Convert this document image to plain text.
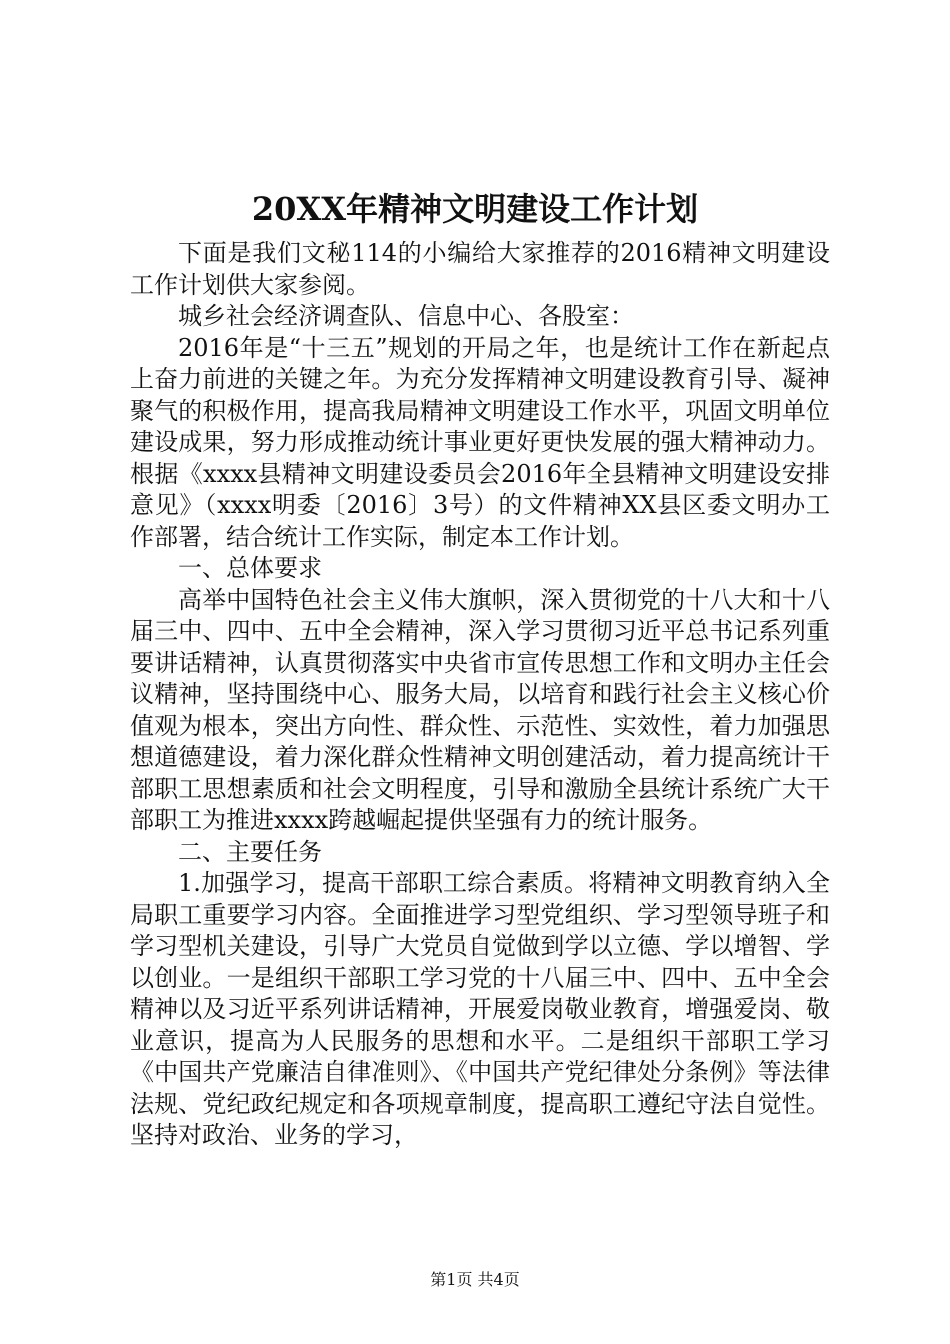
20XX年精神文明建设工作计划

下面是我们文秘114的小编给大家推荐的2016精神文明建设工作计划供大家参阅。

城乡社会经济调查队、信息中心、各股室：

2016年是“十三五”规划的开局之年，也是统计工作在新起点上奋力前进的关键之年。为充分发挥精神文明建设教育引导、凝神聚气的积极作用，提高我局精神文明建设工作水平，巩固文明单位建设成果，努力形成推动统计事业更好更快发展的强大精神动力。根据《xxxx县精神文明建设委员会2016年全县精神文明建设安排意见》（xxxx明委〔2016〕3号）的文件精神XX县区委文明办工作部署，结合统计工作实际，制定本工作计划。

一、总体要求

高举中国特色社会主义伟大旗帜，深入贯彻党的十八大和十八届三中、四中、五中全会精神，深入学习贯彻习近平总书记系列重要讲话精神，认真贯彻落实中央省市宣传思想工作和文明办主任会议精神，坚持围绕中心、服务大局，以培育和践行社会主义核心价值观为根本，突出方向性、群众性、示范性、实效性，着力加强思想道德建设，着力深化群众性精神文明创建活动，着力提高统计干部职工思想素质和社会文明程度，引导和激励全县统计系统广大干部职工为推进xxxx跨越崛起提供坚强有力的统计服务。

二、主要任务

1.加强学习，提高干部职工综合素质。将精神文明教育纳入全局职工重要学习内容。全面推进学习型党组织、学习型领导班子和学习型机关建设，引导广大党员自觉做到学以立德、学以增智、学以创业。一是组织干部职工学习党的十八届三中、四中、五中全会精神以及习近平系列讲话精神，开展爱岗敬业教育，增强爱岗、敬业意识，提高为人民服务的思想和水平。二是组织干部职工学习《中国共产党廉洁自律准则》、《中国共产党纪律处分条例》等法律法规、党纪政纪规定和各项规章制度，提高职工遵纪守法自觉性。坚持对政治、业务的学习，

第1页 共4页
